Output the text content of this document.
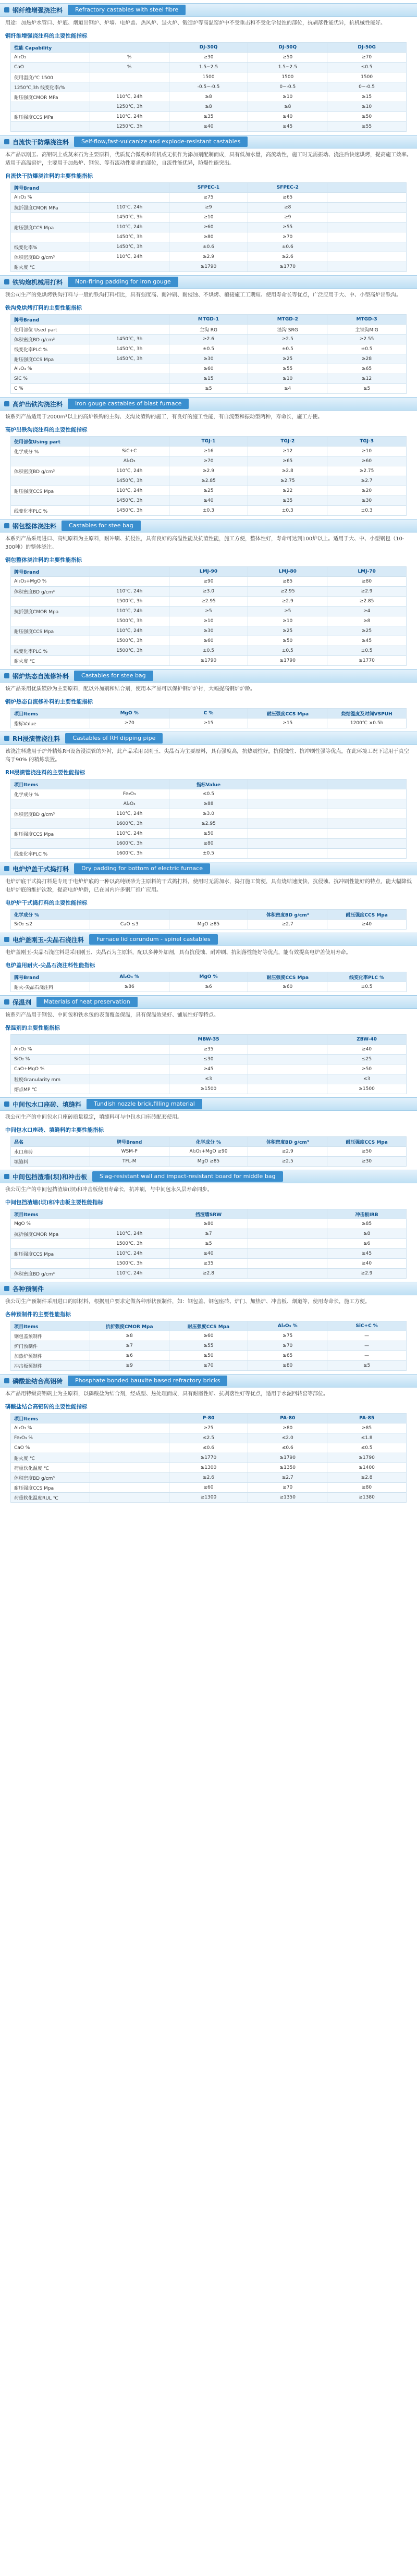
钢纤维增强浇注料	Refractory castables with steel fibre
用途：加热炉水管口、炉底、烟道出钢炉、炉墙、电炉盖、热风炉、退火炉、锻造炉等高温窑炉中不受重击和不受化学侵蚀的部位，抗剥落性能优异，抗机械性能好。
钢纤维增强浇注料的主要性能指标
性能 Capability		DJ-30Q	DJ-50Q	DJ-50G
Al₂O₃	%	≥30	≥50	≥70
CaO	%	1.5~2.5	1.5~2.5	≤0.5
使用温度/℃ 1500		1500	1500	1500
1250℃,3h 线变化率/%		-0.5~-0.5	0~-0.5	0~-0.5
耐压强度CMOR MPa	110℃, 24h	≥8	≥10	≥15
	1250℃, 3h	≥8	≥8	≥10
耐压强度CCS MPa	110℃, 24h	≥35	≥40	≥50
	1250℃, 3h	≥40	≥45	≥55
自流快干防爆浇注料	Self-flow,fast-vulcanize and explode-resistant castables
本产品以刚玉、高铝矾土或莫来石为主要原料，优质复合微粉和有机或无机作为添加剂配制而成，具有低加水量，高流动性，施工时无需振动、浇注后快速烘烤，提高施工效率。适用于高温窑炉，主要用于加热炉、钢包、等有流动性要求的部位，自流性能优异，防爆性能突出。
自流快干防爆浇注料的主要性能指标
牌号Brand		SFPEC-1	SFPEC-2	
Al₂O₃ %		≥75	≥65	
抗折强度CMOR MPa	110℃, 24h	≥9	≥8	
	1450℃, 3h	≥10	≥9	
耐压强度CCS Mpa	110℃, 24h	≥60	≥55	
	1450℃, 3h	≥80	≥70	
线变化率%	1450℃, 3h	±0.6	±0.6	
体积密度BD g/cm³	110℃, 24h	≥2.9	≥2.6	
耐火度 ℃		≥1790	≥1770	
铁钩炮机械用打料	Non-firing padding for iron gouge
我公司生产的免烘烤铁沟打料与一般的铁沟打料相比，具有强度高、耐冲刷、耐侵蚀、不烘烤、檀接施工工期短、使用寿命长等优点，广泛应用于大、中、小型高炉出铁沟。
铁沟免烘烤打料的主要性能指标
牌号Brand		MTGD-1	MTGD-2	MTGD-3
使用部位 Used part		主沟 RG	渣沟 SRG	主铁沟MIG
体积密度BD g/cm³	1450℃, 3h	≥2.6	≥2.5	≥2.55
线变化率PLC %	1450℃, 3h	±0.5	±0.5	±0.5
耐压强度CCS Mpa	1450℃, 3h	≥30	≥25	≥28
Al₂O₃ %		≥60	≥55	≥65
SiC %		≥15	≥10	≥12
C %		≥5	≥4	≥5
高炉出铁沟浇注料	Iron gouge castables of blast furnace
该系列产品适用于2000m³以上的高炉铁钩的主沟、支沟及渣钩的施工，有良好的施工性能，有自流型和振动型两种，寿命长，施工方便。
高炉出铁沟浇注料的主要性能指标
使用部位Using part		TGJ-1	TGJ-2	TGJ-3
化学成分 %	SiC+C	≥16	≥12	≥10
	Al₂O₃	≥70	≥65	≥60
体积密度BD g/cm³	110℃, 24h	≥2.9	≥2.8	≥2.75
	1450℃, 3h	≥2.85	≥2.75	≥2.7
耐压强度CCS Mpa	110℃, 24h	≥25	≥22	≥20
	1450℃, 3h	≥40	≥35	≥30
线变化率PLC %	1450℃, 3h	±0.3	±0.3	±0.3
钢包整体浇注料	Castables for stee bag
本系列产品采用进口、高纯原料为主原料，耐冲刷、抗侵蚀，具有良好的高温性能及抗渣性能，施工方便，整体性好，寿命可达到100炉以上。适用于大、中、小型钢包（10-300吨）的整体浇注。
钢包整体浇注料的主要性能指标
牌号Brand		LMJ-90	LMJ-80	LMJ-70
Al₂O₃+MgO %		≥90	≥85	≥80
体积密度BD g/cm³	110℃, 24h	≥3.0	≥2.95	≥2.9
	1500℃, 3h	≥2.95	≥2.9	≥2.85
抗折强度CMOR Mpa	110℃, 24h	≥5	≥5	≥4
	1500℃, 3h	≥10	≥10	≥8
耐压强度CCS Mpa	110℃, 24h	≥30	≥25	≥25
	1500℃, 3h	≥60	≥50	≥45
线变化率PLC %	1500℃, 3h	±0.5	±0.5	±0.5
耐火度 ℃		≥1790	≥1790	≥1770
钢炉热态自流修补料	Castables for stee bag
该产品采用优质镁砂为主要原料，配以外加剂和结合剂，使用本产品可以保护钢炉炉衬，大幅提高钢炉炉龄。
钢炉热态自流修补料的主要性能指标
项目Items	MgO %	C %	耐压强度CCS Mpa	烧结温度及时间VSPUH
指标Value	≥70	≥15	≥15	1200℃ ×0.5h
RH浸渍管浇注料	Castables of RH dipping pipe
该浇注料选用于炉外精炼RH设备浸渍管的外衬，此产品采用以刚玉、尖晶石为主要原料，具有强度高，抗热震性好，抗侵蚀性、抗冲刷性强等优点，在此环境工况下适用于真空高于90% 的精炼装置。
RH浸渍管浇注料的主要性能指标
项目Items		指标Value		
化学成分 %	Fe₂O₃	≤0.5		
	Al₂O₃	≥88		
体积密度BD g/cm³	110℃, 24h	≥3.0		
	1600℃, 3h	≥2.95		
耐压强度CCS Mpa	110℃, 24h	≥50		
	1600℃, 3h	≥80		
线变化率PLC %	1600℃, 3h	±0.5		
电炉炉盖干式捣打料	Dry padding for bottom of electric furnace
电炉炉底干式捣打料是专用于电炉炉底的一种以高纯镁砂为主原料的干式捣打料，使用时无需加水，捣打施工简便，具有烧结速度快，抗侵蚀、抗冲刷性能好的特点，能大幅降低电炉炉底的维护次数，提高电炉炉龄，已在国内许多钢厂推广应用。
电炉炉干式捣打料的主要性能指标
化学成分 %			体积密度BD g/cm³	耐压强度CCS Mpa
SiO₂ ≤2	CaO ≤3	MgO ≥85	≥2.7	≥40
电炉盖刚玉-尖晶石浇注料	Furnace lid corundum - spinel castables
电炉盖刚玉-尖晶石浇注料是采用刚玉、尖晶石为主原料，配以多种外加剂，具有抗侵蚀、耐冲刷、抗剥落性能好等优点，能有效提高电炉盖使用寿命。
电炉盖用耐火-尖晶石浇注料性能指标
牌号Brand	Al₂O₃ %	MgO %	耐压强度CCS Mpa	线变化率PLC %
耐火-尖晶石浇注料	≥86	≥6	≥60	±0.5
保温剂	Materials of heat preservation
该系列产品用于钢包、中间包和铁水包的表面覆盖保温，具有保温效果好、铺展性好等特点。
保温剂的主要性能指标
		MBW-35		ZBW-40
Al₂O₃ %		≥35		≥40
SiO₂ %		≤30		≤25
CaO+MgO %		≥45		≥50
粒度Granularity mm		≤3		≤3
熔点MP ℃		≥1500		≥1500
中间包水口座砖、填缝料	Tundish nozzle brick,filling material
我公司生产的中间包水口座砖质量稳定，填缝料可与中包水口座砖配套使用。
中间包水口座砖、填缝料的主要性能指标
品名	牌号Brand	化学成分 %	体积密度BD g/cm³	耐压强度CCS Mpa
水口座砖	WSM-P	Al₂O₃+MgO ≥90	≥2.9	≥50
填缝料	TFL-M	MgO ≥85	≥2.5	≥30
中间包挡渣墙(坝)和冲击板	Slag-resistant wall and impact-resistant board for middle bag
我公司生产的中间包挡渣墙(坝)和冲击板使用寿命长，抗冲刷，与中间包永久层寿命同步。
中间包挡渣墙(坝)和冲击板主要性能指标
项目Items		挡渣墙SRW		冲击板IRB
MgO %		≥80		≥85
抗折强度CMOR Mpa	110℃, 24h	≥7		≥8
	1500℃, 3h	≥5		≥6
耐压强度CCS Mpa	110℃, 24h	≥40		≥45
	1500℃, 3h	≥35		≥40
体积密度BD g/cm³	110℃, 24h	≥2.8		≥2.9
各种预制件
我公司生产预制件采用进口的原材料，根据用户要求定做各种形状预制件，如：钢包盖、钢包座砖、炉门、加热炉、冲击板、烟道等，使用寿命长，施工方便。
各种预制件的主要性能指标
项目Items	抗折强度CMOR Mpa	耐压强度CCS Mpa	Al₂O₃ %	SiC+C %
钢包盖预制件	≥8	≥60	≥75	—
炉门预制件	≥7	≥55	≥70	—
加热炉预制件	≥6	≥50	≥65	—
冲击板预制件	≥9	≥70	≥80	≥5
磷酸盐结合高铝砖	Phosphate bonded bauxite based refractory bricks
本产品用特级高铝矾土为主原料，以磷酸盐为结合剂，经成型、热处理而成，具有耐磨性好、抗剥落性好等优点，适用于水泥回转窑等部位。
磷酸盐结合高铝砖的主要性能指标
项目Items		P-80	PA-80	PA-85
Al₂O₃ %		≥75	≥80	≥85
Fe₂O₃ %		≤2.5	≤2.0	≤1.8
CaO %		≤0.6	≤0.6	≤0.5
耐火度 ℃		≥1770	≥1790	≥1790
荷重软化温度 ℃		≥1300	≥1350	≥1400
体积密度BD g/cm³		≥2.6	≥2.7	≥2.8
耐压强度CCS Mpa		≥60	≥70	≥80
荷重软化温度RUL ℃		≥1300	≥1350	≥1380
